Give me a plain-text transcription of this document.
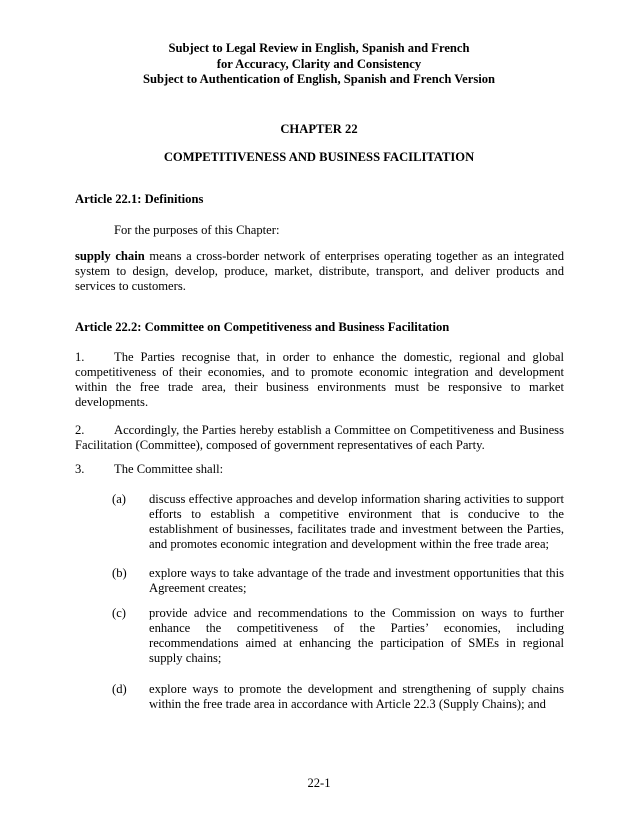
Subject to Legal Review in English, Spanish and French
for Accuracy, Clarity and Consistency
Subject to Authentication of English, Spanish and French Version
CHAPTER 22
COMPETITIVENESS AND BUSINESS FACILITATION
Article 22.1: Definitions
For the purposes of this Chapter:
supply chain means a cross-border network of enterprises operating together as an integrated system to design, develop, produce, market, distribute, transport, and deliver products and services to customers.
Article 22.2: Committee on Competitiveness and Business Facilitation
1. The Parties recognise that, in order to enhance the domestic, regional and global competitiveness of their economies, and to promote economic integration and development within the free trade area, their business environments must be responsive to market developments.
2. Accordingly, the Parties hereby establish a Committee on Competitiveness and Business Facilitation (Committee), composed of government representatives of each Party.
3. The Committee shall:
(a)	discuss effective approaches and develop information sharing activities to support efforts to establish a competitive environment that is conducive to the establishment of businesses, facilitates trade and investment between the Parties, and promotes economic integration and development within the free trade area;
(b)	explore ways to take advantage of the trade and investment opportunities that this Agreement creates;
(c)	provide advice and recommendations to the Commission on ways to further enhance the competitiveness of the Parties’ economies, including recommendations aimed at enhancing the participation of SMEs in regional supply chains;
(d)	explore ways to promote the development and strengthening of supply chains within the free trade area in accordance with Article 22.3 (Supply Chains); and
22-1
